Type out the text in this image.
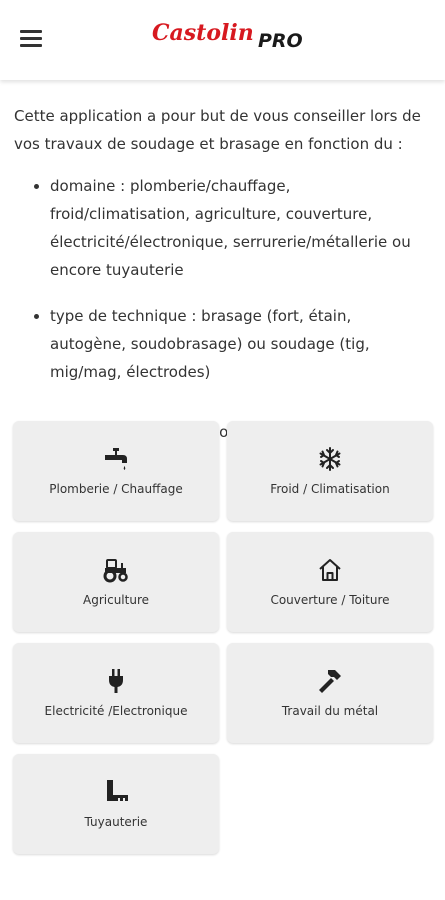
Castolin PRO

Cette application a pour but de vous conseiller lors de vos travaux de soudage et brasage en fonction du :

• domaine : plomberie/chauffage, froid/climatisation, agriculture, couverture, électricité/électronique, serrurerie/métallerie ou encore tuyauterie
• type de technique : brasage (fort, étain, autogène, soudobrasage) ou soudage (tig, mig/mag, électrodes)

Plomberie / Chauffage	Froid / Climatisation
Agriculture	Couverture / Toiture
Electricité /Electronique	Travail du métal
Tuyauterie
